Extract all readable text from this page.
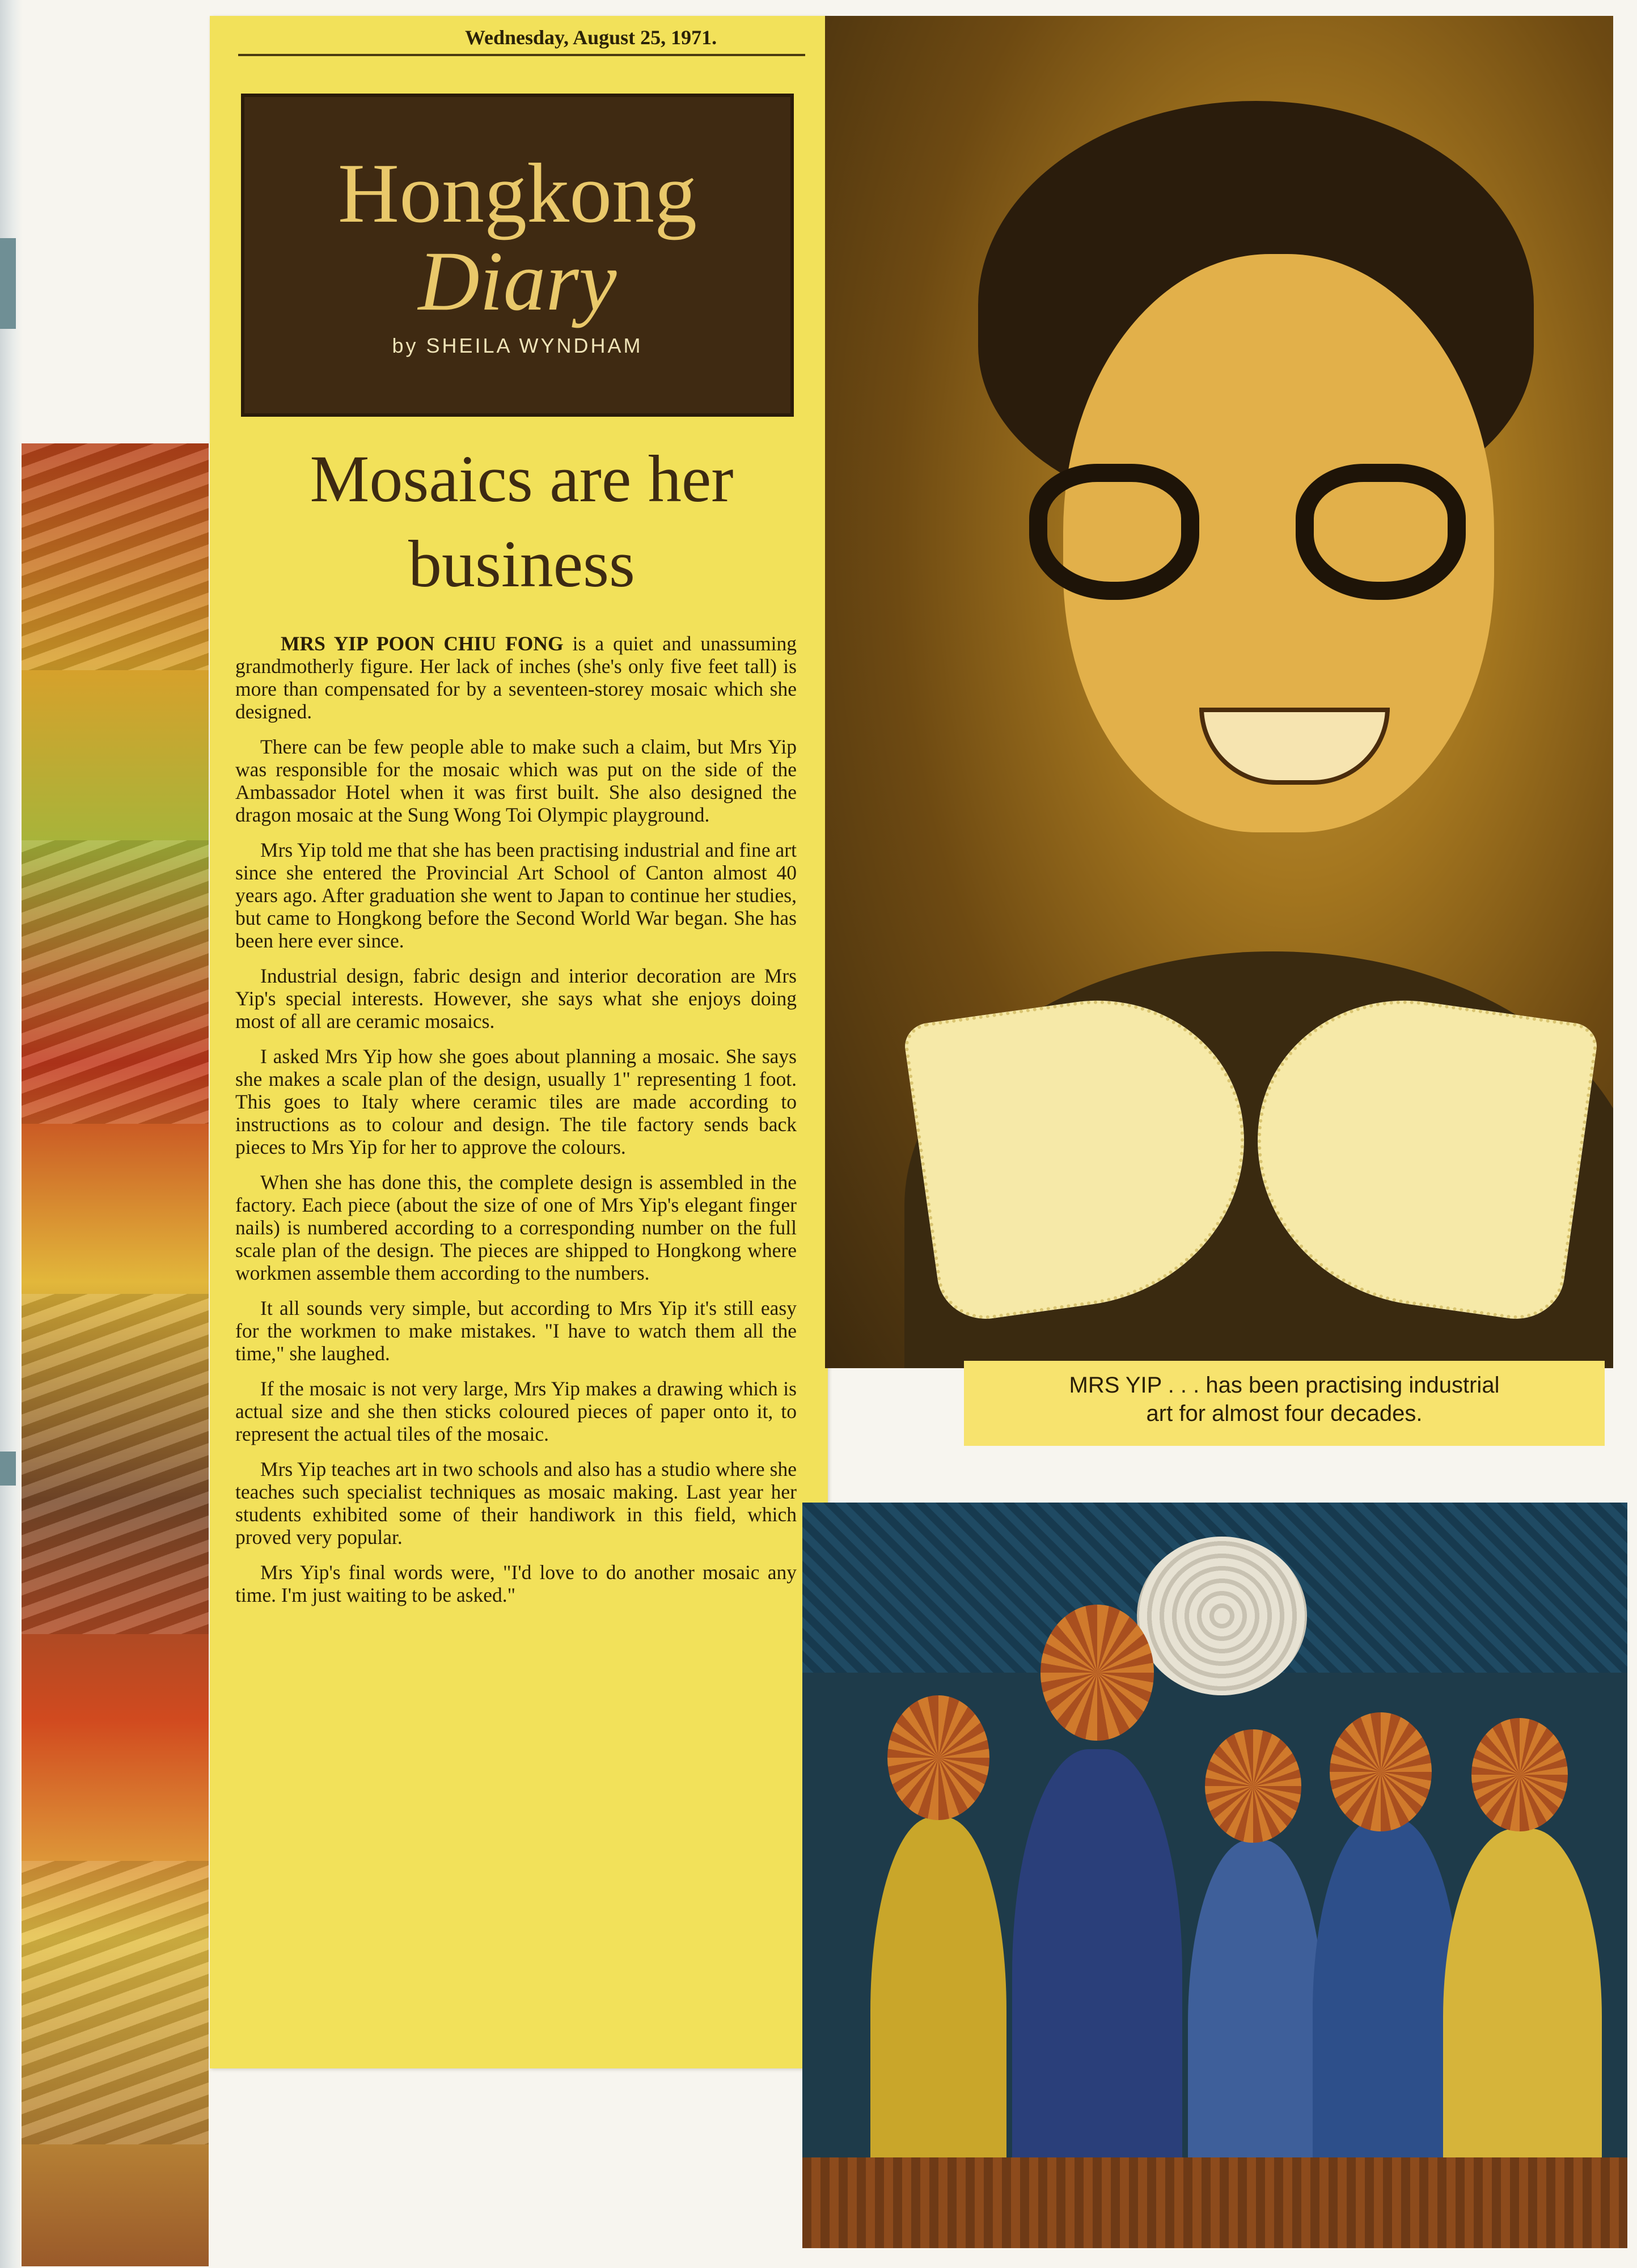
Wednesday, August 25, 1971.
Hongkong
Diary
by SHEILA WYNDHAM
Mosaics are her business

MRS YIP POON CHIU FONG is a quiet and unassuming grandmotherly figure. Her lack of inches (she's only five feet tall) is more than compensated for by a seventeen-storey mosaic which she designed.

There can be few people able to make such a claim, but Mrs Yip was responsible for the mosaic which was put on the side of the Ambassador Hotel when it was first built. She also designed the dragon mosaic at the Sung Wong Toi Olympic playground.

Mrs Yip told me that she has been practising industrial and fine art since she entered the Provincial Art School of Canton almost 40 years ago. After graduation she went to Japan to continue her studies, but came to Hongkong before the Second World War began. She has been here ever since.

Industrial design, fabric design and interior decoration are Mrs Yip's special interests. However, she says what she enjoys doing most of all are ceramic mosaics.

I asked Mrs Yip how she goes about planning a mosaic. She says she makes a scale plan of the design, usually 1" representing 1 foot. This goes to Italy where ceramic tiles are made according to instructions as to colour and design. The tile factory sends back pieces to Mrs Yip for her to approve the colours.

When she has done this, the complete design is assembled in the factory. Each piece (about the size of one of Mrs Yip's elegant finger nails) is numbered according to a corresponding number on the full scale plan of the design. The pieces are shipped to Hongkong where workmen assemble them according to the numbers.

It all sounds very simple, but according to Mrs Yip it's still easy for the workmen to make mistakes. "I have to watch them all the time," she laughed.

If the mosaic is not very large, Mrs Yip makes a drawing which is actual size and she then sticks coloured pieces of paper onto it, to represent the actual tiles of the mosaic.

Mrs Yip teaches art in two schools and also has a studio where she teaches such specialist techniques as mosaic making. Last year her students exhibited some of their handiwork in this field, which proved very popular.

Mrs Yip's final words were, "I'd love to do another mosaic any time. I'm just waiting to be asked."

MRS YIP . . . has been practising industrial
art for almost four decades.
